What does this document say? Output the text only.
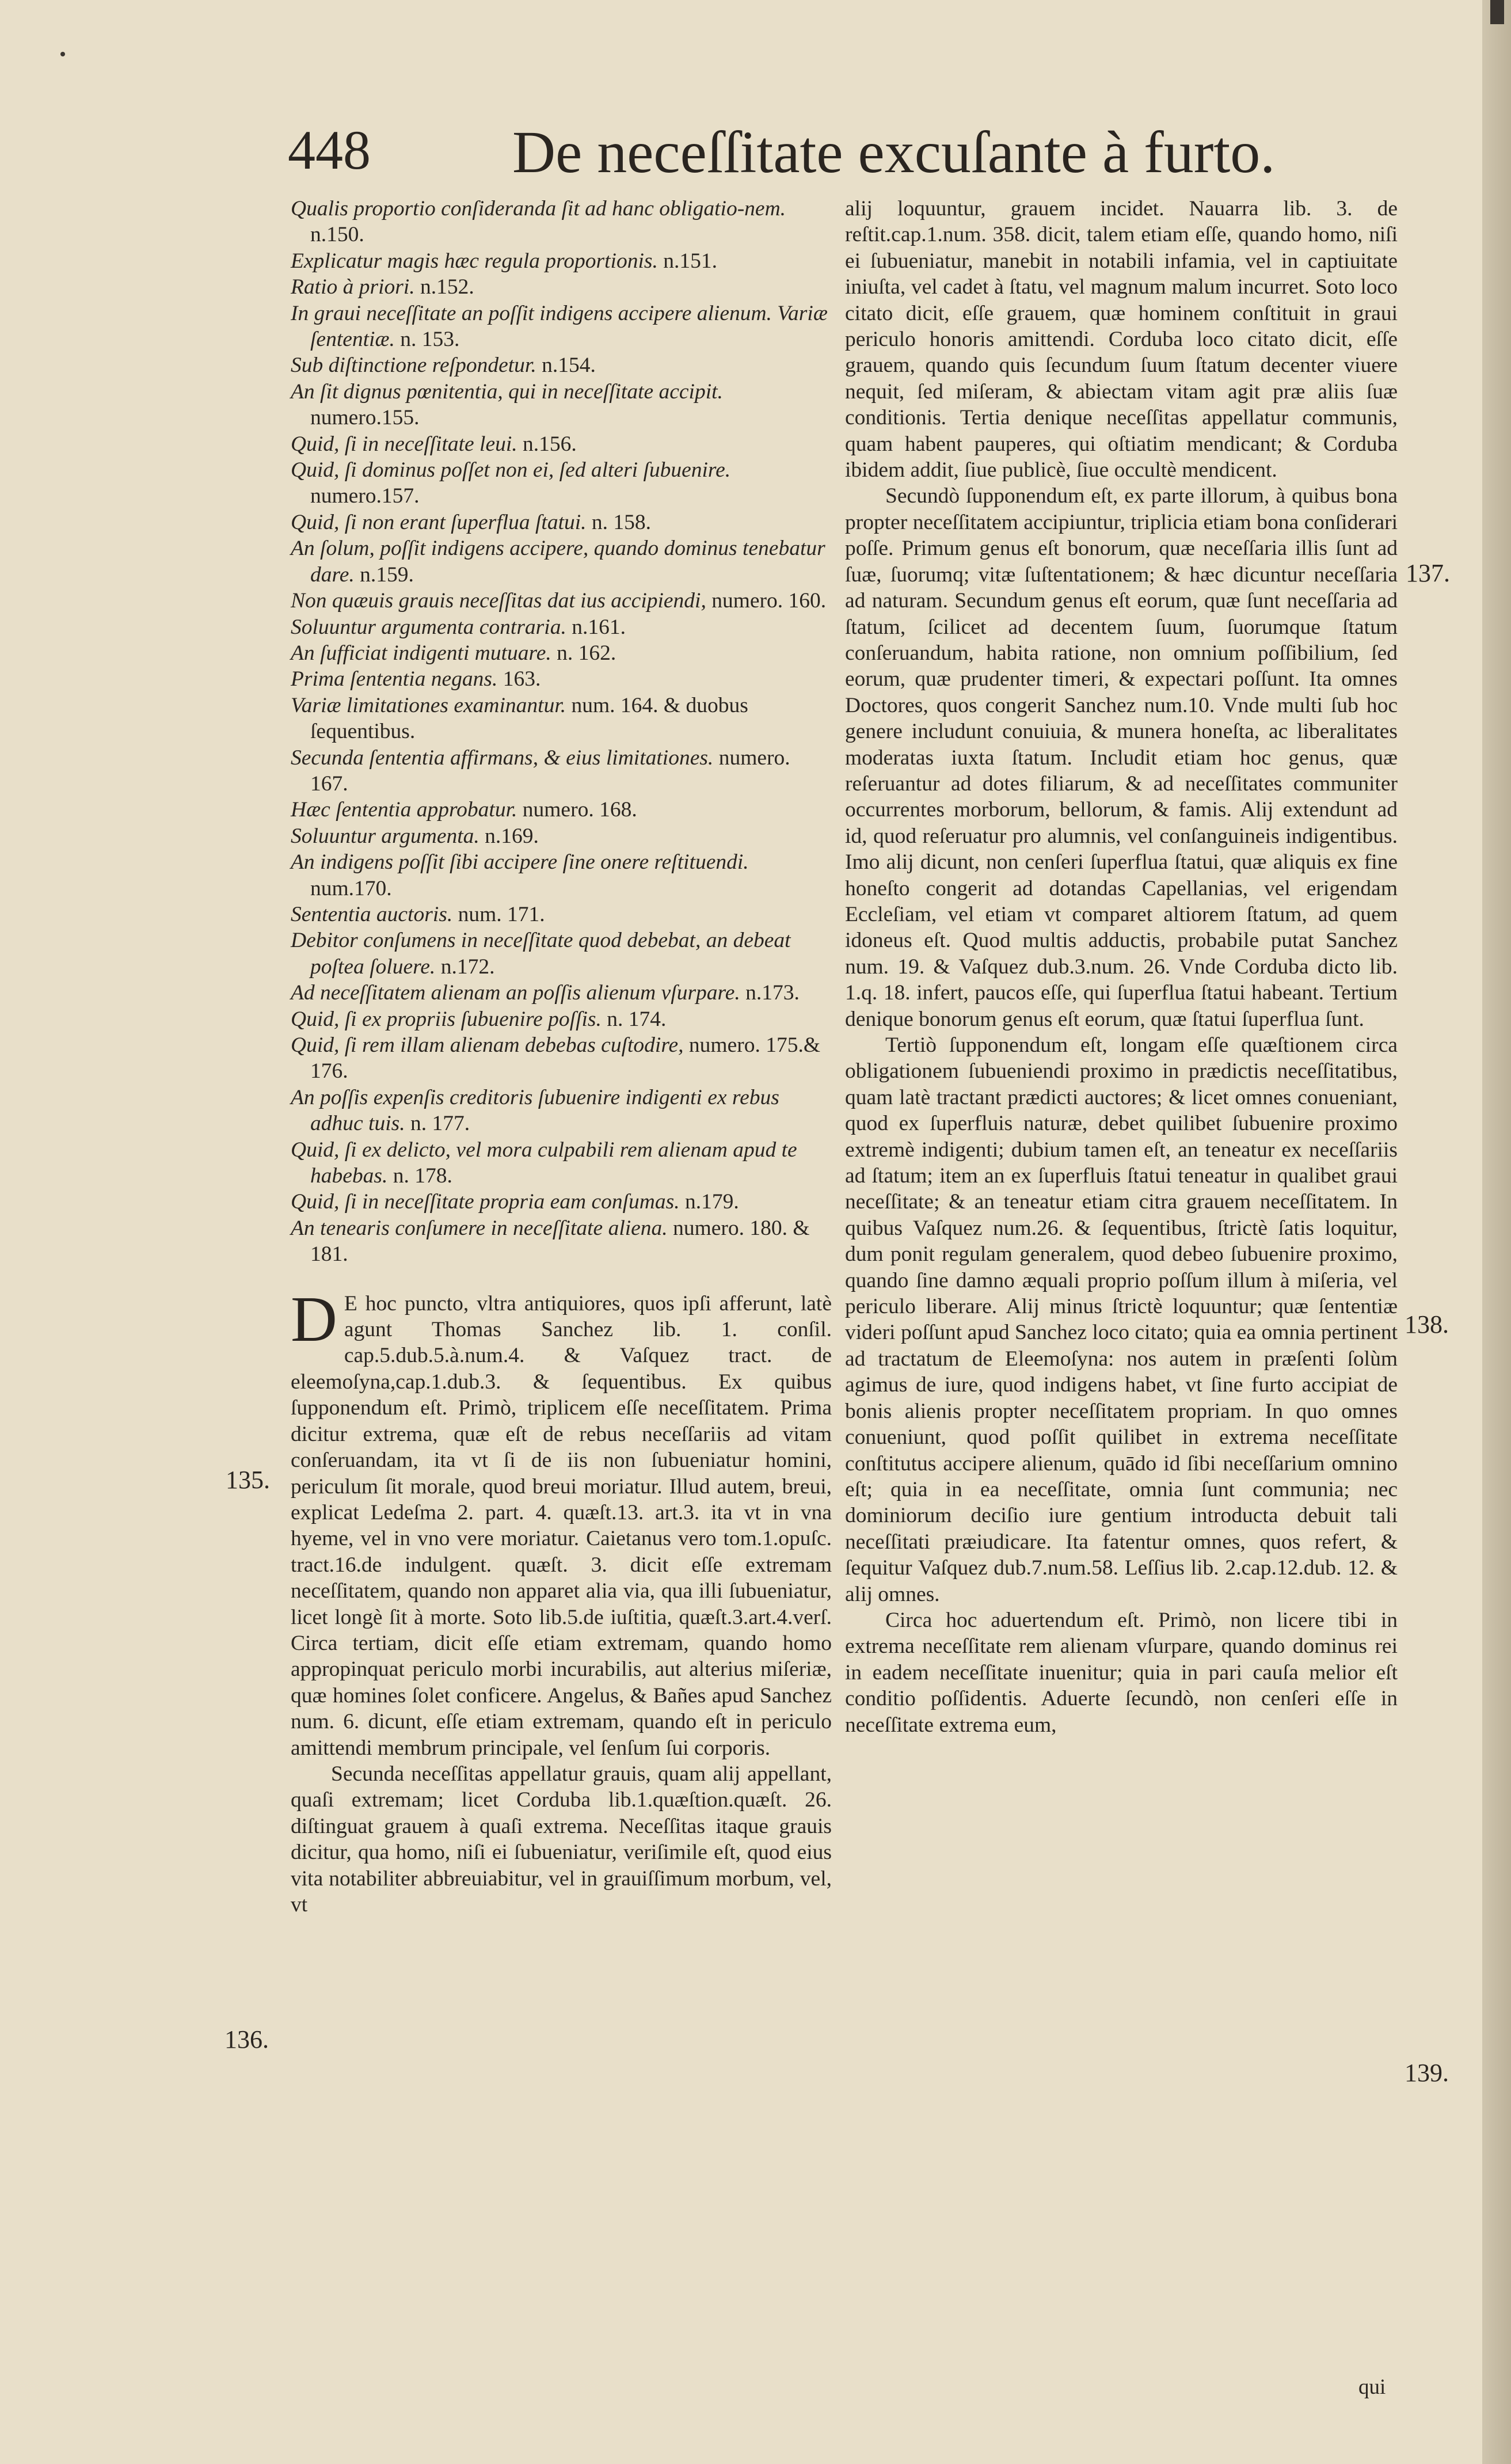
448 De neceſſitate excuſante à furto.
Qualis proportio conſideranda ſit ad hanc obligatio-nem. n.150.
Explicatur magis hæc regula proportionis. n.151.
Ratio à priori. n.152.
In graui neceſſitate an poſſit indigens accipere alienum. Variæ ſententiæ. n. 153.
Sub diſtinctione reſpondetur. n.154.
An ſit dignus pœnitentia, qui in neceſſitate accipit. numero.155.
Quid, ſi in neceſſitate leui. n.156.
Quid, ſi dominus poſſet non ei, ſed alteri ſubuenire. numero.157.
Quid, ſi non erant ſuperflua ſtatui. n. 158.
An ſolum, poſſit indigens accipere, quando dominus tenebatur dare. n.159.
Non quæuis grauis neceſſitas dat ius accipiendi, numero. 160.
Soluuntur argumenta contraria. n.161.
An ſufficiat indigenti mutuare. n. 162.
Prima ſententia negans. 163.
Variæ limitationes examinantur. num. 164. & duobus ſequentibus.
Secunda ſententia affirmans, & eius limitationes. numero. 167.
Hæc ſententia approbatur. numero. 168.
Soluuntur argumenta. n.169.
An indigens poſſit ſibi accipere ſine onere reſtituendi. num.170.
Sententia auctoris. num. 171.
Debitor conſumens in neceſſitate quod debebat, an debeat poſtea ſoluere. n.172.
Ad neceſſitatem alienam an poſſis alienum vſurpare. n.173.
Quid, ſi ex propriis ſubuenire poſſis. n. 174.
Quid, ſi rem illam alienam debebas cuſtodire, numero. 175.& 176.
An poſſis expenſis creditoris ſubuenire indigenti ex rebus adhuc tuis. n. 177.
Quid, ſi ex delicto, vel mora culpabili rem alienam apud te habebas. n. 178.
Quid, ſi in neceſſitate propria eam conſumas. n.179.
An tenearis conſumere in neceſſitate aliena. numero. 180. & 181.

D E hoc puncto, vltra antiquiores, quos ipſi afferunt, latè agunt Thomas Sanchez lib. 1. conſil. cap.5.dub.5.à.num.4. & Vaſquez tract. de eleemoſyna,cap.1.dub.3. & ſequentibus. Ex quibus ſupponendum eſt. Primò, triplicem eſſe neceſſitatem. Prima dicitur extrema, quæ eſt de rebus neceſſariis ad vitam conſeruandam, ita vt ſi de iis non ſubueniatur homini, periculum ſit morale, quod breui moriatur. Illud autem, breui, explicat Ledeſma 2. part. 4. quæſt.13. art.3. ita vt in vna hyeme, vel in vno vere moriatur. Caietanus vero tom.1.opuſc. tract.16.de indulgent. quæſt. 3. dicit eſſe extremam neceſſitatem, quando non apparet alia via, qua illi ſubueniatur, licet longè ſit à morte. Soto lib.5.de iuſtitia, quæſt.3.art.4.verſ. Circa tertiam, dicit eſſe etiam extremam, quando homo appropinquat periculo morbi incurabilis, aut alterius miſeriæ, quæ homines ſolet conficere. Angelus, & Bañes apud Sanchez num. 6. dicunt, eſſe etiam extremam, quando eſt in periculo amittendi membrum principale, vel ſenſum ſui corporis.

Secunda neceſſitas appellatur grauis, quam alij appellant, quaſi extremam; licet Corduba lib.1.quæſtion.quæſt. 26. diſtinguat grauem à quaſi extrema. Neceſſitas itaque grauis dicitur, qua homo, niſi ei ſubueniatur, veriſimile eſt, quod eius vita notabiliter abbreuiabitur, vel in grauiſſimum morbum, vel, vt

alij loquuntur, grauem incidet. Nauarra lib. 3. de reſtit.cap.1.num. 358. dicit, talem etiam eſſe, quando homo, niſi ei ſubueniatur, manebit in notabili infamia, vel in captiuitate iniuſta, vel cadet à ſtatu, vel magnum malum incurret. Soto loco citato dicit, eſſe grauem, quæ hominem conſtituit in graui periculo honoris amittendi. Corduba loco citato dicit, eſſe grauem, quando quis ſecundum ſuum ſtatum decenter viuere nequit, ſed miſeram, & abiectam vitam agit præ aliis ſuæ conditionis. Tertia denique neceſſitas appellatur communis, quam habent pauperes, qui oſtiatim mendicant; & Corduba ibidem addit, ſiue publicè, ſiue occultè mendicent.

Secundò ſupponendum eſt, ex parte illorum, à quibus bona propter neceſſitatem accipiuntur, triplicia etiam bona conſiderari poſſe. Primum genus eſt bonorum, quæ neceſſaria illis ſunt ad ſuæ, ſuorumq; vitæ ſuſtentationem; & hæc dicuntur neceſſaria ad naturam. Secundum genus eſt eorum, quæ ſunt neceſſaria ad ſtatum, ſcilicet ad decentem ſuum, ſuorumque ſtatum conſeruandum, habita ratione, non omnium poſſibilium, ſed eorum, quæ prudenter timeri, & expectari poſſunt. Ita omnes Doctores, quos congerit Sanchez num.10. Vnde multi ſub hoc genere includunt conuiuia, & munera honeſta, ac liberalitates moderatas iuxta ſtatum. Includit etiam hoc genus, quæ reſeruantur ad dotes filiarum, & ad neceſſitates communiter occurrentes morborum, bellorum, & famis. Alij extendunt ad id, quod reſeruatur pro alumnis, vel conſanguineis indigentibus. Imo alij dicunt, non cenſeri ſuperflua ſtatui, quæ aliquis ex fine honeſto congerit ad dotandas Capellanias, vel erigendam Eccleſiam, vel etiam vt comparet altiorem ſtatum, ad quem idoneus eſt. Quod multis adductis, probabile putat Sanchez num. 19. & Vaſquez dub.3.num. 26. Vnde Corduba dicto lib. 1.q. 18. infert, paucos eſſe, qui ſuperflua ſtatui habeant. Tertium denique bonorum genus eſt eorum, quæ ſtatui ſuperflua ſunt.

Tertiò ſupponendum eſt, longam eſſe quæſtionem circa obligationem ſubueniendi proximo in prædictis neceſſitatibus, quam latè tractant prædicti auctores; & licet omnes conueniant, quod ex ſuperfluis naturæ, debet quilibet ſubuenire proximo extremè indigenti; dubium tamen eſt, an teneatur ex neceſſariis ad ſtatum; item an ex ſuperfluis ſtatui teneatur in qualibet graui neceſſitate; & an teneatur etiam citra grauem neceſſitatem. In quibus Vaſquez num.26. & ſequentibus, ſtrictè ſatis loquitur, dum ponit regulam generalem, quod debeo ſubuenire proximo, quando ſine damno æquali proprio poſſum illum à miſeria, vel periculo liberare. Alij minus ſtrictè loquuntur; quæ ſententiæ videri poſſunt apud Sanchez loco citato; quia ea omnia pertinent ad tractatum de Eleemoſyna: nos autem in præſenti ſolùm agimus de iure, quod indigens habet, vt ſine furto accipiat de bonis alienis propter neceſſitatem propriam. In quo omnes conueniunt, quod poſſit quilibet in extrema neceſſitate conſtitutus accipere alienum, quādo id ſibi neceſſarium omnino eſt; quia in ea neceſſitate, omnia ſunt communia; nec dominiorum deciſio iure gentium introducta debuit tali neceſſitati præiudicare. Ita fatentur omnes, quos refert, & ſequitur Vaſquez dub.7.num.58. Leſſius lib. 2.cap.12.dub. 12. & alij omnes.

Circa hoc aduertendum eſt. Primò, non licere tibi in extrema neceſſitate rem alienam vſurpare, quando dominus rei in eadem neceſſitate inuenitur; quia in pari cauſa melior eſt conditio poſſidentis. Aduerte ſecundò, non cenſeri eſſe in neceſſitate extrema eum,

135.
136.
137.
138.
139.
qui
